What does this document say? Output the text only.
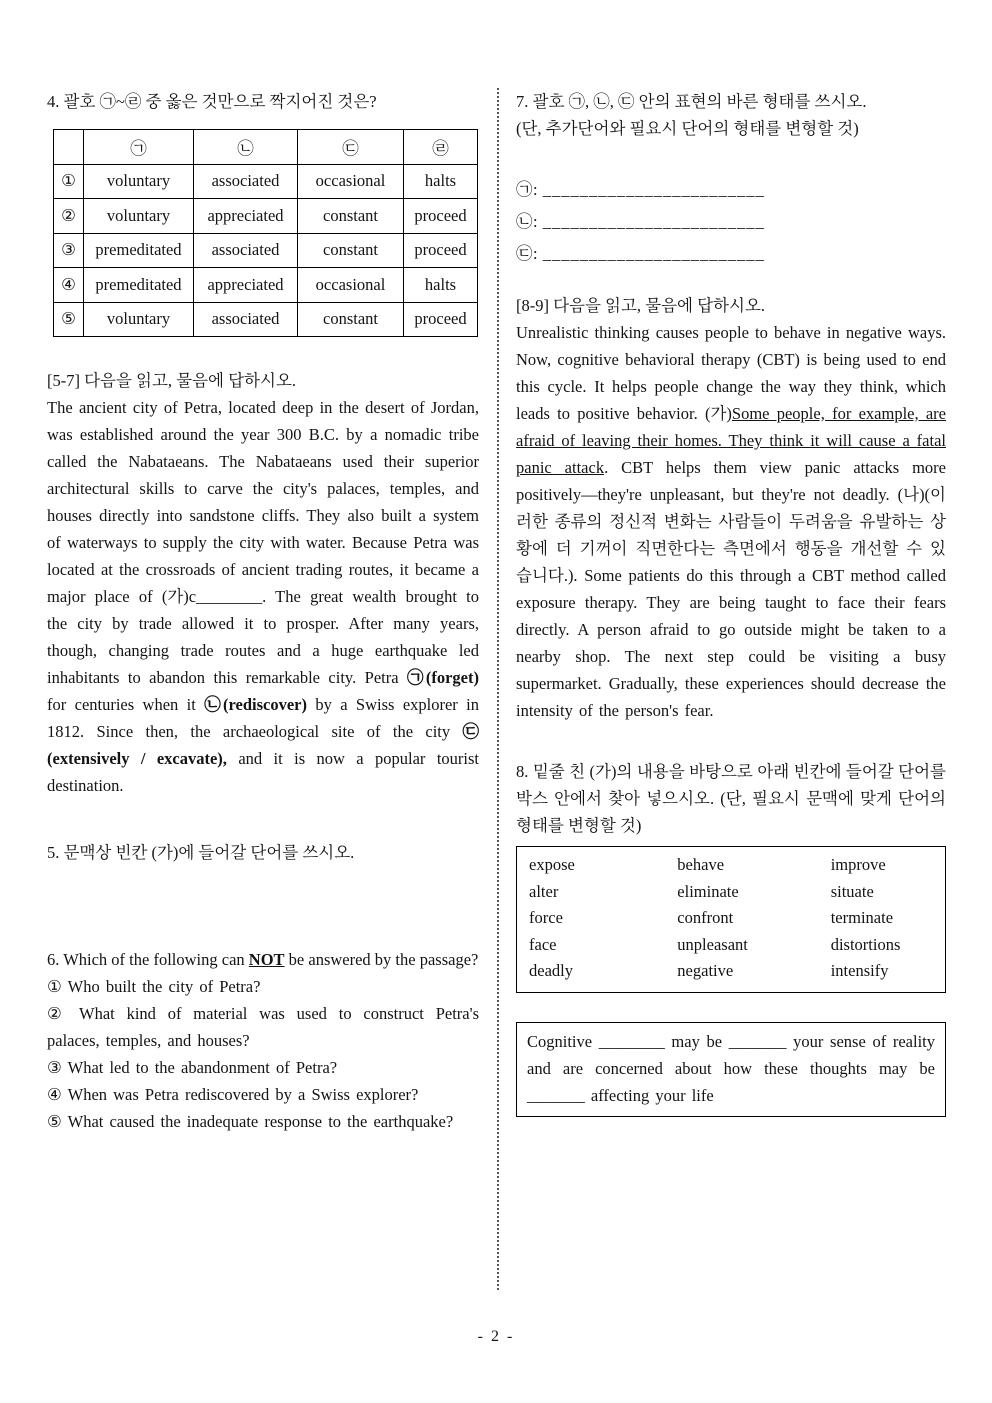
4. 괄호 ㉠~㉣ 중 옳은 것만으로 짝지어진 것은?
	㉠	㉡	㉢	㉣
①	voluntary	associated	occasional	halts
②	voluntary	appreciated	constant	proceed
③	premeditated	associated	constant	proceed
④	premeditated	appreciated	occasional	halts
⑤	voluntary	associated	constant	proceed
[5-7] 다음을 읽고, 물음에 답하시오.
The ancient city of Petra, located deep in the desert of Jordan, was established around the year 300 B.C. by a nomadic tribe called the Nabataeans. The Nabataeans used their superior architectural skills to carve the city's palaces, temples, and houses directly into sandstone cliffs. They also built a system of waterways to supply the city with water. Because Petra was located at the crossroads of ancient trading routes, it became a major place of (가)c________. The great wealth brought to the city by trade allowed it to prosper. After many years, though, changing trade routes and a huge earthquake led inhabitants to abandon this remarkable city. Petra ㉠(forget) for centuries when it ㉡(rediscover) by a Swiss explorer in 1812. Since then, the archaeological site of the city ㉢(extensively / excavate), and it is now a popular tourist destination.
5. 문맥상 빈칸 (가)에 들어갈 단어를 쓰시오.
6. Which of the following can NOT be answered by the passage?

① Who built the city of Petra?

② What kind of material was used to construct Petra's palaces, temples, and houses?

③ What led to the abandonment of Petra?

④ When was Petra rediscovered by a Swiss explorer?

⑤ What caused the inadequate response to the earthquake?

7. 괄호 ㉠, ㉡, ㉢ 안의 표현의 바른 형태를 쓰시오.
(단, 추가단어와 필요시 단어의 형태를 변형할 것)
㉠: ________________________
㉡: ________________________
㉢: ________________________
[8-9] 다음을 읽고, 물음에 답하시오.
Unrealistic thinking causes people to behave in negative ways. Now, cognitive behavioral therapy (CBT) is being used to end this cycle. It helps people change the way they think, which leads to positive behavior. (가)Some people, for example, are afraid of leaving their homes. They think it will cause a fatal panic attack. CBT helps them view panic attacks more positively—they're unpleasant, but they're not deadly. (나)(이러한 종류의 정신적 변화는 사람들이 두려움을 유발하는 상황에 더 기꺼이 직면한다는 측면에서 행동을 개선할 수 있습니다.). Some patients do this through a CBT method called exposure therapy. They are being taught to face their fears directly. A person afraid to go outside might be taken to a nearby shop. The next step could be visiting a busy supermarket. Gradually, these experiences should decrease the intensity of the person's fear.
8. 밑줄 친 (가)의 내용을 바탕으로 아래 빈칸에 들어갈 단어를 박스 안에서 찾아 넣으시오. (단, 필요시 문맥에 맞게 단어의 형태를 변형할 것)
expose	behave	improve
alter	eliminate	situate
force	confront	terminate
face	unpleasant	distortions
deadly	negative	intensify
Cognitive ________ may be _______ your sense of reality and are concerned about how these thoughts may be _______ affecting your life
- 2 -
